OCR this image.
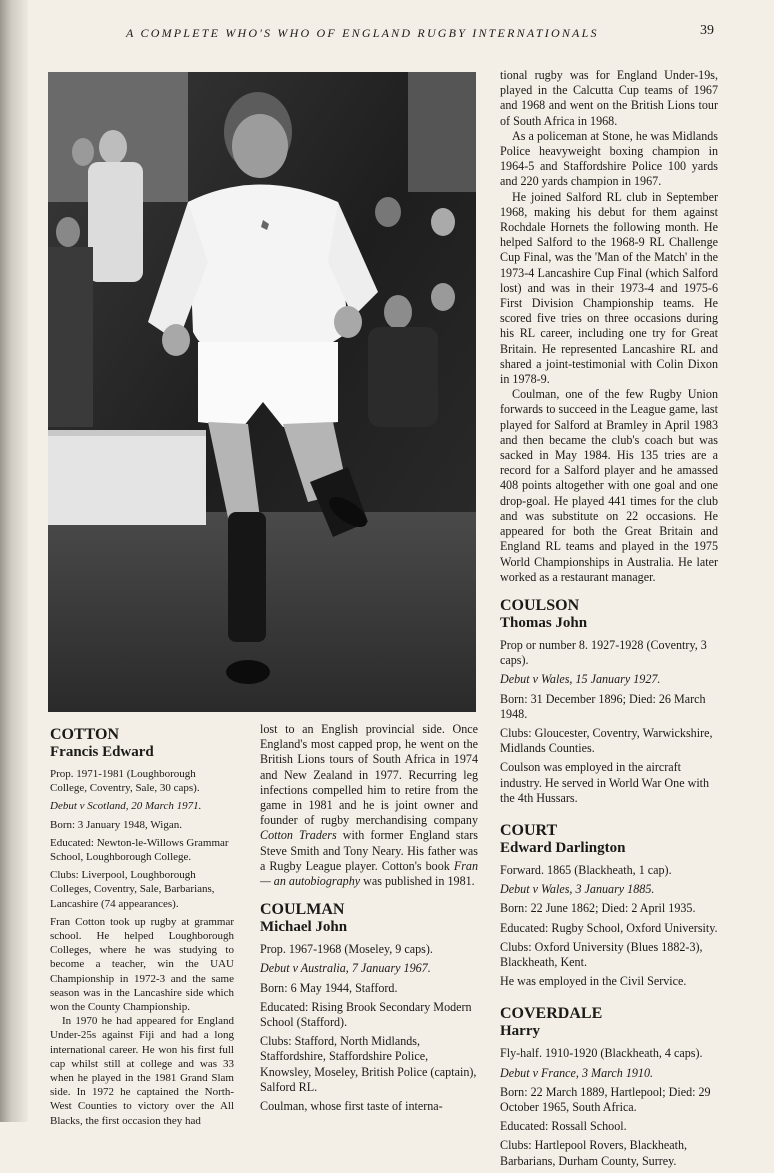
A COMPLETE WHO'S WHO OF ENGLAND RUGBY INTERNATIONALS	39
COTTON
Francis Edward
Prop. 1971-1981 (Loughborough College, Coventry, Sale, 30 caps).
Debut v Scotland, 20 March 1971.
Born: 3 January 1948, Wigan.
Educated: Newton-le-Willows Grammar School, Loughborough College.
Clubs: Liverpool, Loughborough Colleges, Coventry, Sale, Barbarians, Lancashire (74 appearances).

Fran Cotton took up rugby at grammar school. He helped Loughborough Colleges, where he was studying to become a teacher, win the UAU Championship in 1972-3 and the same season was in the Lancashire side which won the County Championship.

In 1970 he had appeared for England Under-25s against Fiji and had a long international career. He won his first full cap whilst still at college and was 33 when he played in the 1981 Grand Slam side. In 1972 he captained the North-West Counties to victory over the All Blacks, the first occasion they had

lost to an English provincial side. Once England's most capped prop, he went on the British Lions tours of South Africa in 1974 and New Zealand in 1977. Recurring leg infections compelled him to retire from the game in 1981 and he is joint owner and founder of rugby merchandising company Cotton Traders with former England stars Steve Smith and Tony Neary. His father was a Rugby League player. Cotton's book Fran — an autobiography was published in 1981.

COULMAN
Michael John
Prop. 1967-1968 (Moseley, 9 caps).
Debut v Australia, 7 January 1967.
Born: 6 May 1944, Stafford.
Educated: Rising Brook Secondary Modern School (Stafford).
Clubs: Stafford, North Midlands, Staffordshire, Staffordshire Police, Knowsley, Moseley, British Police (captain), Salford RL.

Coulman, whose first taste of interna-

tional rugby was for England Under-19s, played in the Calcutta Cup teams of 1967 and 1968 and went on the British Lions tour of South Africa in 1968.

As a policeman at Stone, he was Midlands Police heavyweight boxing champion in 1964-5 and Staffordshire Police 100 yards and 220 yards champion in 1967.

He joined Salford RL club in September 1968, making his debut for them against Rochdale Hornets the following month. He helped Salford to the 1968-9 RL Challenge Cup Final, was the 'Man of the Match' in the 1973-4 Lancashire Cup Final (which Salford lost) and was in their 1973-4 and 1975-6 First Division Championship teams. He scored five tries on three occasions during his RL career, including one try for Great Britain. He represented Lancashire RL and shared a joint-testimonial with Colin Dixon in 1978-9.

Coulman, one of the few Rugby Union forwards to succeed in the League game, last played for Salford at Bramley in April 1983 and then became the club's coach but was sacked in May 1984. His 135 tries are a record for a Salford player and he amassed 408 points altogether with one goal and one drop-goal. He played 441 times for the club and was substitute on 22 occasions. He appeared for both the Great Britain and England RL teams and played in the 1975 World Championships in Australia. He later worked as a restaurant manager.

COULSON
Thomas John
Prop or number 8. 1927-1928 (Coventry, 3 caps).
Debut v Wales, 15 January 1927.
Born: 31 December 1896; Died: 26 March 1948.
Clubs: Gloucester, Coventry, Warwickshire, Midlands Counties.
Coulson was employed in the aircraft industry. He served in World War One with the 4th Hussars.
COURT
Edward Darlington
Forward. 1865 (Blackheath, 1 cap).
Debut v Wales, 3 January 1885.
Born: 22 June 1862; Died: 2 April 1935.
Educated: Rugby School, Oxford University.
Clubs: Oxford University (Blues 1882-3), Blackheath, Kent.
He was employed in the Civil Service.
COVERDALE
Harry
Fly-half. 1910-1920 (Blackheath, 4 caps).
Debut v France, 3 March 1910.
Born: 22 March 1889, Hartlepool; Died: 29 October 1965, South Africa.
Educated: Rossall School.
Clubs: Hartlepool Rovers, Blackheath, Barbarians, Durham County, Surrey.
